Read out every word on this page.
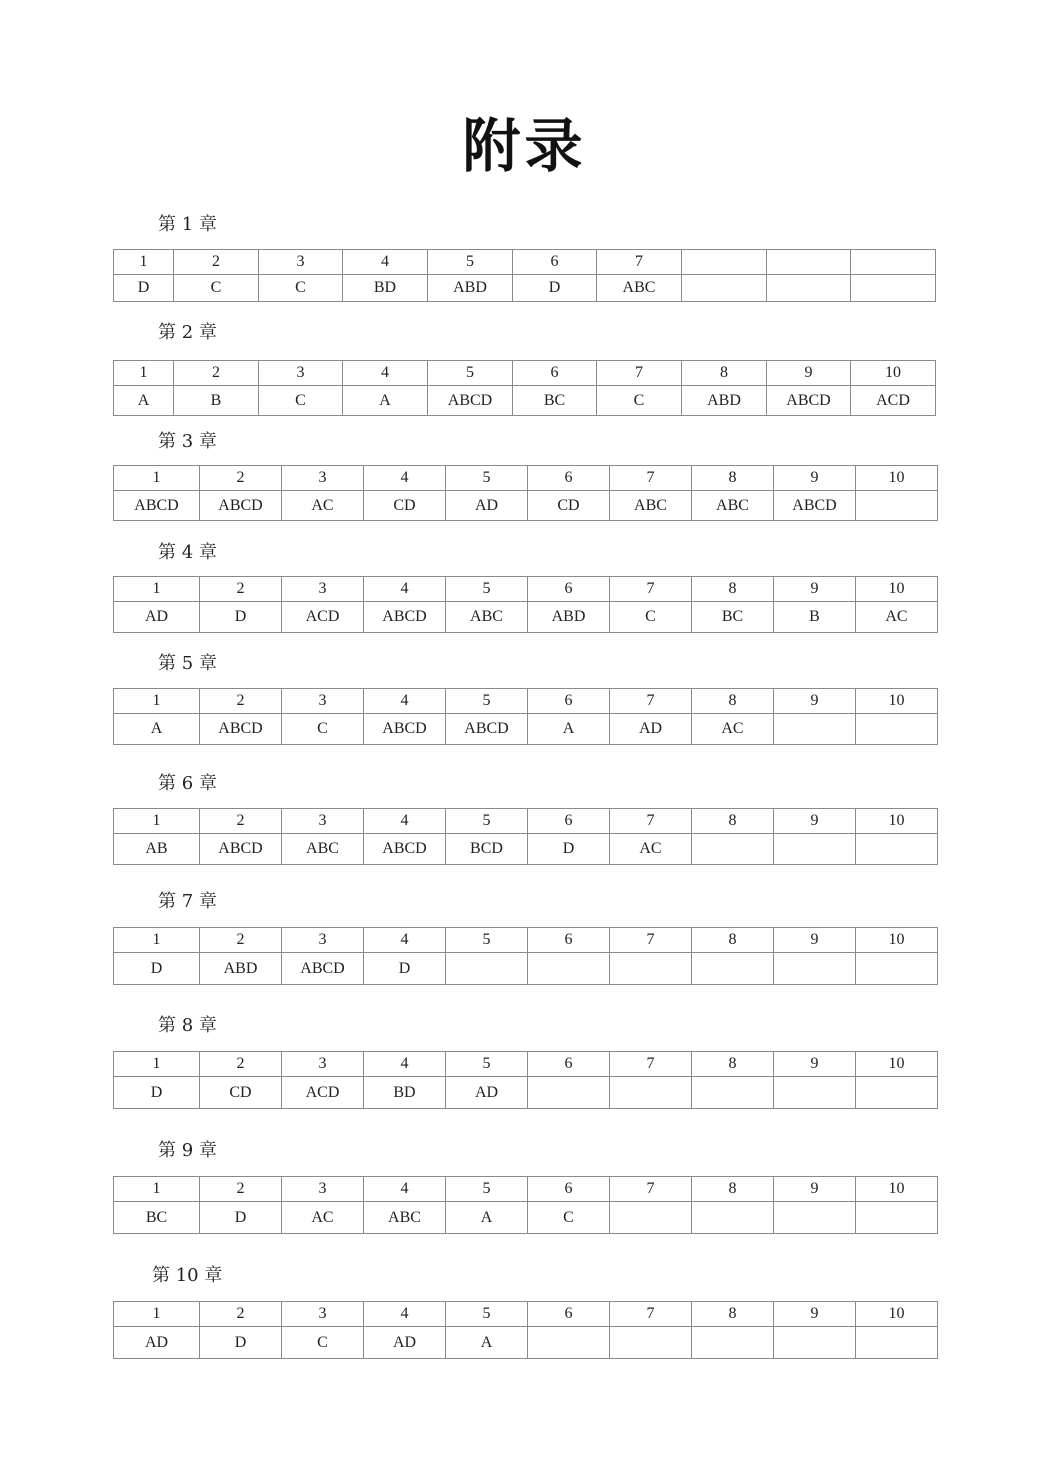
附录
第 1 章
1	2	3	4	5	6	7			
D	C	C	BD	ABD	D	ABC			
第 2 章
1	2	3	4	5	6	7	8	9	10
A	B	C	A	ABCD	BC	C	ABD	ABCD	ACD
第 3 章
1	2	3	4	5	6	7	8	9	10
ABCD	ABCD	AC	CD	AD	CD	ABC	ABC	ABCD	
第 4 章
1	2	3	4	5	6	7	8	9	10
AD	D	ACD	ABCD	ABC	ABD	C	BC	B	AC
第 5 章
1	2	3	4	5	6	7	8	9	10
A	ABCD	C	ABCD	ABCD	A	AD	AC		
第 6 章
1	2	3	4	5	6	7	8	9	10
AB	ABCD	ABC	ABCD	BCD	D	AC			
第 7 章
1	2	3	4	5	6	7	8	9	10
D	ABD	ABCD	D						
第 8 章
1	2	3	4	5	6	7	8	9	10
D	CD	ACD	BD	AD					
第 9 章
1	2	3	4	5	6	7	8	9	10
BC	D	AC	ABC	A	C				
第 10 章
1	2	3	4	5	6	7	8	9	10
AD	D	C	AD	A					
